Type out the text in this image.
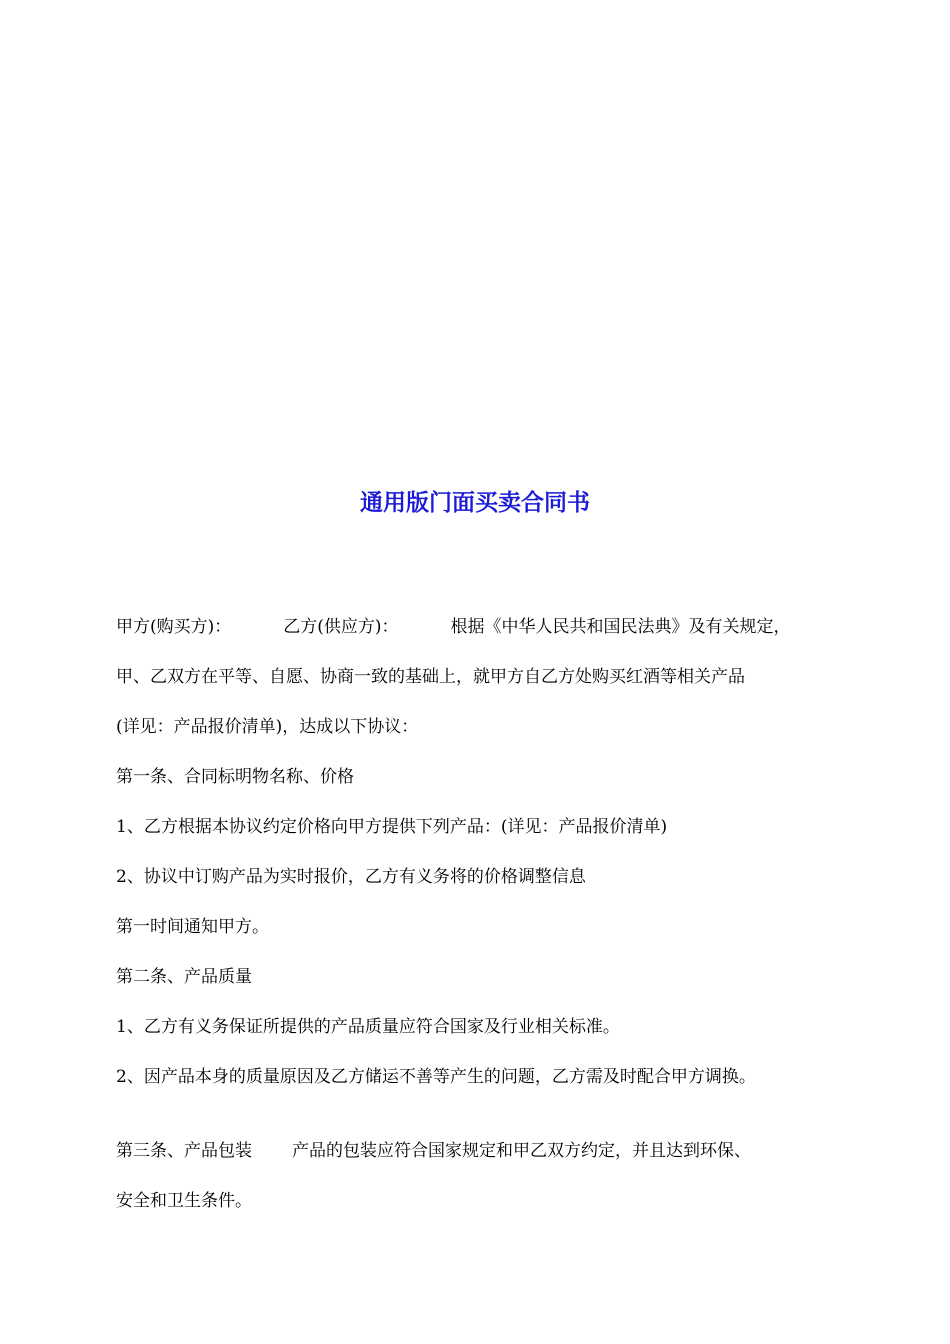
通用版门面买卖合同书
甲方(购买方)：	乙方(供应方)：	根据《中华人民共和国民法典》及有关规定，
甲、乙双方在平等、自愿、协商一致的基础上，就甲方自乙方处购买红酒等相关产品
(详见：产品报价清单)，达成以下协议：
第一条、合同标明物名称、价格
1、乙方根据本协议约定价格向甲方提供下列产品：(详见：产品报价清单)
2、协议中订购产品为实时报价，乙方有义务将的价格调整信息
第一时间通知甲方。
第二条、产品质量
1、乙方有义务保证所提供的产品质量应符合国家及行业相关标准。
2、因产品本身的质量原因及乙方储运不善等产生的问题，乙方需及时配合甲方调换。
第三条、产品包装 产品的包装应符合国家规定和甲乙双方约定，并且达到环保、
安全和卫生条件。
